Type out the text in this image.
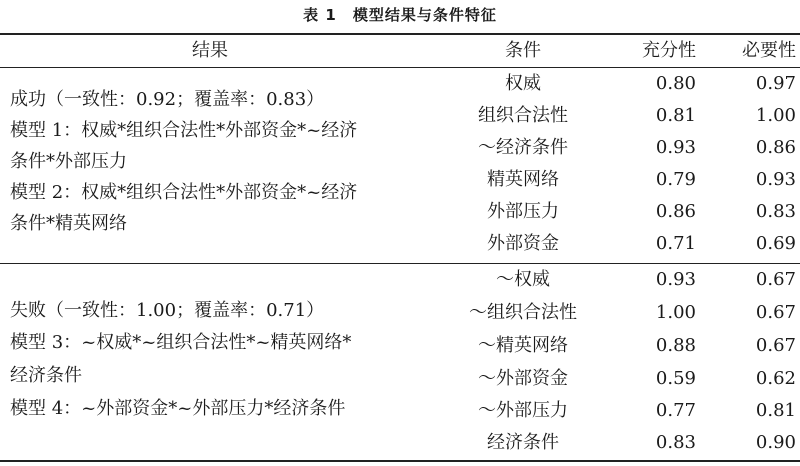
表 1　模型结果与条件特征
结果	条件	充分性	必要性
成功（一致性：0.92；覆盖率：0.83）
模型 1：权威*组织合法性*外部资金*~经济
条件*外部压力
模型 2：权威*组织合法性*外部资金*~经济
条件*精英网络
权威	0.80	0.97
组织合法性	0.81	1.00
～经济条件	0.93	0.86
精英网络	0.79	0.93
外部压力	0.86	0.83
外部资金	0.71	0.69
失败（一致性：1.00；覆盖率：0.71）
模型 3：~权威*~组织合法性*~精英网络*
经济条件
模型 4：~外部资金*~外部压力*经济条件
～权威	0.93	0.67
～组织合法性	1.00	0.67
～精英网络	0.88	0.67
～外部资金	0.59	0.62
～外部压力	0.77	0.81
经济条件	0.83	0.90
